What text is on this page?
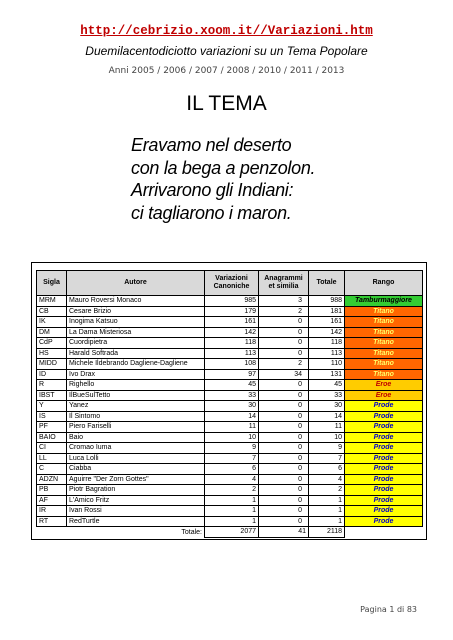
http://cebrizio.xoom.it//Variazioni.htm
Duemilacentodiciotto variazioni su un Tema Popolare
Anni 2005 / 2006 / 2007 / 2008 / 2010 / 2011 / 2013
IL TEMA
Eravamo nel deserto
con la bega a penzolon.
Arrivarono gli Indiani:
ci tagliarono i maron.
Sigla	Autore	Variazioni Canoniche	Anagrammi et similia	Totale	Rango
MRM	Mauro Roversi Monaco	985	3	988	Tamburmaggiore
CB	Cesare Brizio	179	2	181	Titano
IK	Inogima Katsuo	161	0	161	Titano
DM	La Dama Misteriosa	142	0	142	Titano
CdP	Cuordipietra	118	0	118	Titano
HS	Harald Softrada	113	0	113	Titano
MIDD	Michele Ildebrando Dagliene-Dagliene	108	2	110	Titano
ID	Ivo Drax	97	34	131	Titano
R	Righello	45	0	45	Eroe
IBST	IlBueSulTetto	33	0	33	Eroe
Y	Yanez	30	0	30	Prode
IS	Il Sintomo	14	0	14	Prode
PF	Piero Fariselli	11	0	11	Prode
BAIO	Baio	10	0	10	Prode
CI	Cromao Iuma	9	0	9	Prode
LL	Luca Lolli	7	0	7	Prode
C	Ciabba	6	0	6	Prode
ADZN	Aguirre "Der Zorn Gottes"	4	0	4	Prode
PB	Piotr Bagration	2	0	2	Prode
AF	L'Amico Fritz	1	0	1	Prode
IR	Ivan Rossi	1	0	1	Prode
RT	RedTurtle	1	0	1	Prode
	Totale:	2077	41	2118	
Pagina 1 di 83
